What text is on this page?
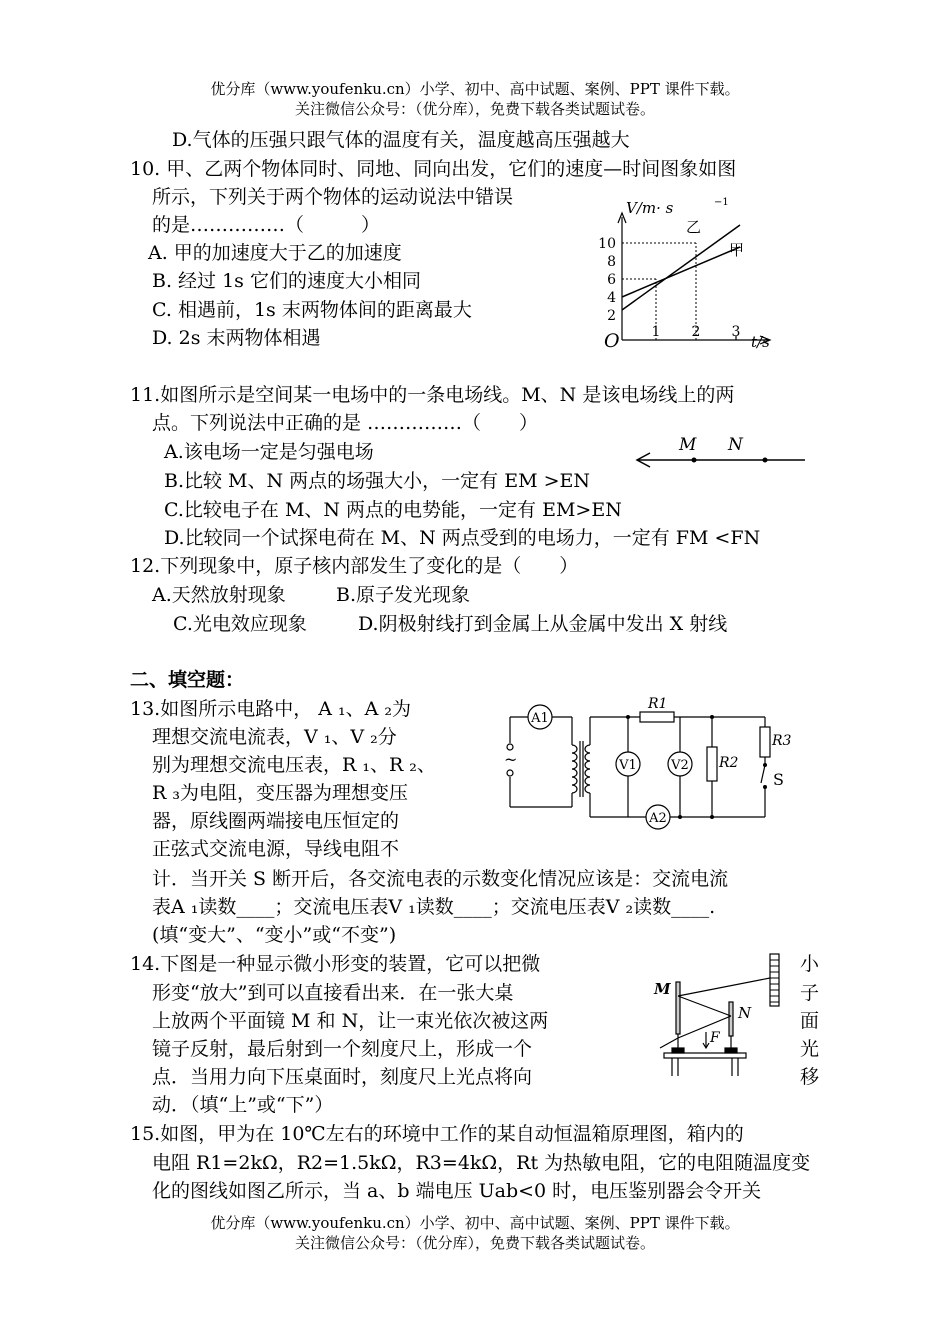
优分库（www.youfenku.cn）小学、初中、高中试题、案例、PPT 课件下载。
关注微信公众号：（优分库），免费下载各类试题试卷。
D.气体的压强只跟气体的温度有关，温度越高压强越大
10. 甲、乙两个物体同时、同地、同向出发，它们的速度—时间图象如图
所示，下列关于两个物体的运动说法中错误
的是……………（　　　）
A. 甲的加速度大于乙的加速度
B. 经过 1s 它们的速度大小相同
C. 相遇前，1s 末两物体间的距离最大
D. 2s 末两物体相遇
V/m· s	−1
t/s
O
10
8
6
4
2
1 2 3
乙
甲
11.如图所示是空间某一电场中的一条电场线。M、N 是该电场线上的两
点。下列说法中正确的是 ……………（　　）
A.该电场一定是匀强电场
B.比较 M、N 两点的场强大小，一定有 EM >EN
C.比较电子在 M、N 两点的电势能，一定有 EM>EN
D.比较同一个试探电荷在 M、N 两点受到的电场力，一定有 FM <FN
M N
12.下列现象中，原子核内部发生了变化的是（　　）
A.天然放射现象	B.原子发光现象
C.光电效应现象	D.阴极射线打到金属上从金属中发出 X 射线
二、填空题：
13.如图所示电路中， A ₁、A ₂为
理想交流电流表，V ₁、V ₂分
别为理想交流电压表，R ₁、R ₂、
R ₃为电阻，变压器为理想变压
器，原线圈两端接电压恒定的
正弦式交流电源，导线电阻不
计．当开关 S 断开后，各交流电表的示数变化情况应该是：交流电流
表A ₁读数____；交流电压表V ₁读数____；交流电压表V ₂读数____.
(填“变大”、“变小”或“不变”)
~
A1
V1	V2
A2
R1
R2
R3
S
14.下图是一种显示微小形变的装置，它可以把微
形变“放大”到可以直接看出来．在一张大桌
上放两个平面镜 M 和 N，让一束光依次被这两
镜子反射，最后射到一个刻度尺上，形成一个
点．当用力向下压桌面时，刻度尺上光点将向
动．（填“上”或“下”）
小
子
面
光
移
M
N
F
15.如图，甲为在 10℃左右的环境中工作的某自动恒温箱原理图，箱内的
电阻 R1=2kΩ，R2=1.5kΩ，R3=4kΩ，Rt 为热敏电阻，它的电阻随温度变
化的图线如图乙所示，当 a、b 端电压 Uab<0 时，电压鉴别器会令开关
优分库（www.youfenku.cn）小学、初中、高中试题、案例、PPT 课件下载。
关注微信公众号：（优分库），免费下载各类试题试卷。
